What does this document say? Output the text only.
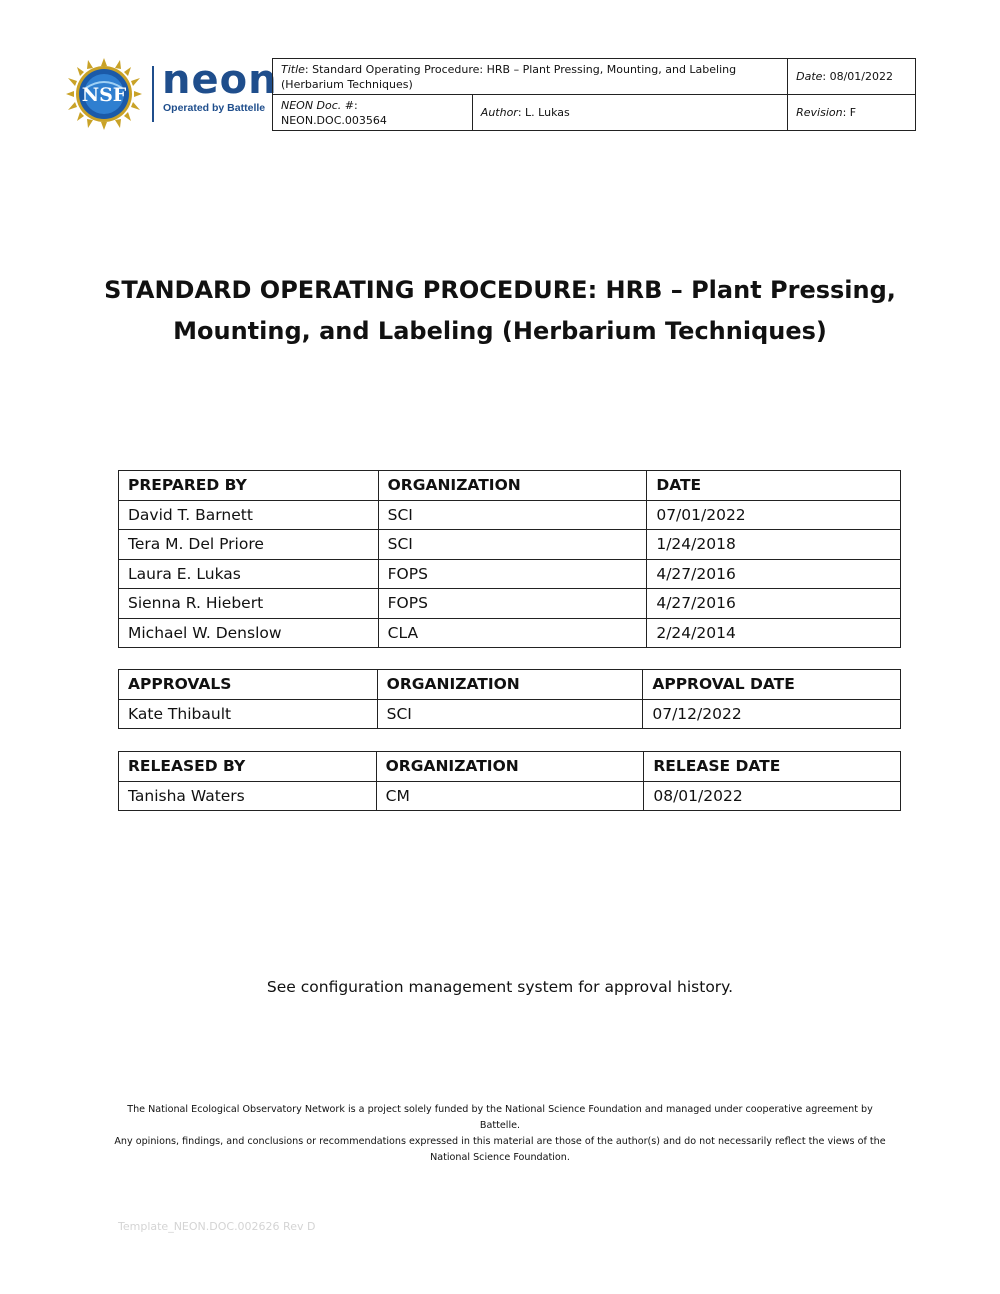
NSF neon
Operated by Battelle
Title: Standard Operating Procedure: HRB – Plant Pressing, Mounting, and Labeling (Herbarium Techniques)		Date: 08/01/2022
NEON Doc. #: NEON.DOC.003564	Author: L. Lukas	Revision: F
STANDARD OPERATING PROCEDURE: HRB – Plant Pressing,
Mounting, and Labeling (Herbarium Techniques)
PREPARED BY	ORGANIZATION	DATE
David T. Barnett	SCI	07/01/2022
Tera M. Del Priore	SCI	1/24/2018
Laura E. Lukas	FOPS	4/27/2016
Sienna R. Hiebert	FOPS	4/27/2016
Michael W. Denslow	CLA	2/24/2014
APPROVALS	ORGANIZATION	APPROVAL DATE
Kate Thibault	SCI	07/12/2022
RELEASED BY	ORGANIZATION	RELEASE DATE
Tanisha Waters	CM	08/01/2022
See configuration management system for approval history.
The National Ecological Observatory Network is a project solely funded by the National Science Foundation and managed under cooperative agreement by Battelle.
Any opinions, findings, and conclusions or recommendations expressed in this material are those of the author(s) and do not necessarily reflect the views of the
National Science Foundation.
Template_NEON.DOC.002626 Rev D
